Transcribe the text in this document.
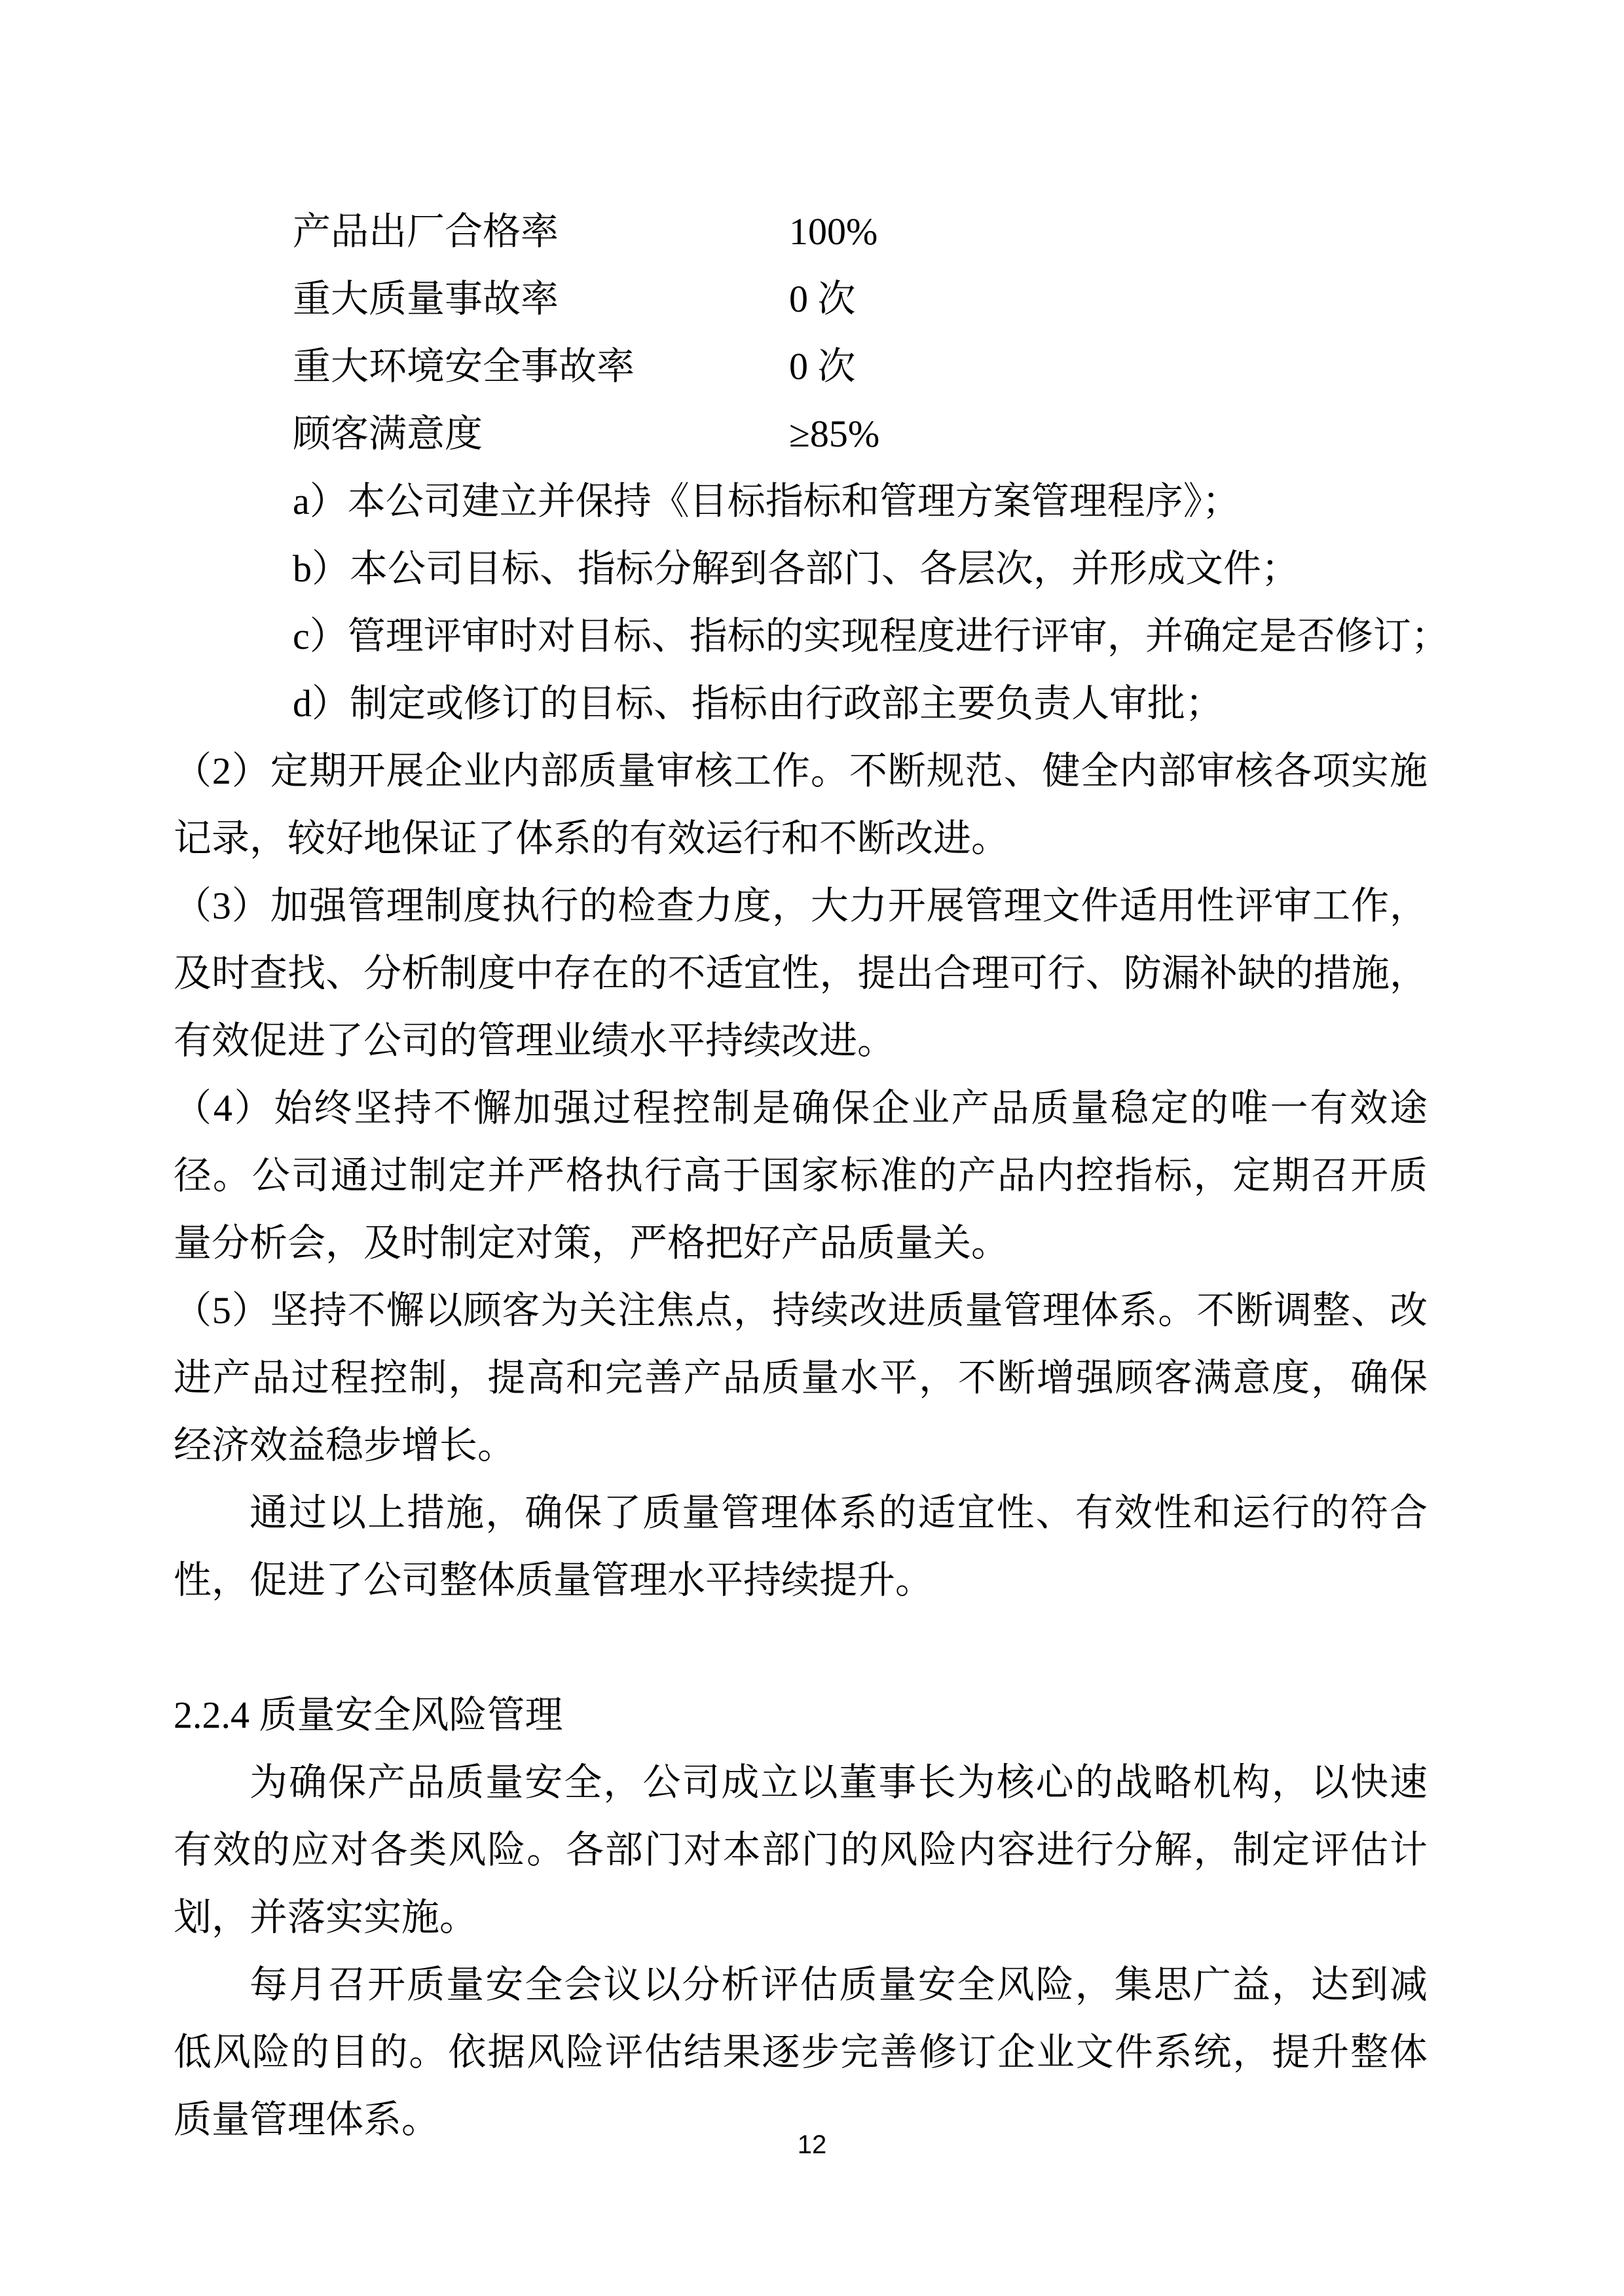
产品出厂合格率	100%
重大质量事故率	0 次
重大环境安全事故率	0 次
顾客满意度	≥85%
a）本公司建立并保持《目标指标和管理方案管理程序》；
b）本公司目标、指标分解到各部门、各层次，并形成文件；
c）管理评审时对目标、指标的实现程度进行评审，并确定是否修订；
d）制定或修订的目标、指标由行政部主要负责人审批；
（2）定期开展企业内部质量审核工作。不断规范、健全内部审核各项实施
记录，较好地保证了体系的有效运行和不断改进。
（3）加强管理制度执行的检查力度，大力开展管理文件适用性评审工作，
及时查找、分析制度中存在的不适宜性，提出合理可行、防漏补缺的措施，
有效促进了公司的管理业绩水平持续改进。
（4）始终坚持不懈加强过程控制是确保企业产品质量稳定的唯一有效途
径。公司通过制定并严格执行高于国家标准的产品内控指标，定期召开质
量分析会，及时制定对策，严格把好产品质量关。
（5）坚持不懈以顾客为关注焦点，持续改进质量管理体系。不断调整、改
进产品过程控制，提高和完善产品质量水平，不断增强顾客满意度，确保
经济效益稳步增长。
通过以上措施，确保了质量管理体系的适宜性、有效性和运行的符合
性，促进了公司整体质量管理水平持续提升。
2.2.4 质量安全风险管理
为确保产品质量安全，公司成立以董事长为核心的战略机构，以快速
有效的应对各类风险。各部门对本部门的风险内容进行分解，制定评估计
划，并落实实施。
每月召开质量安全会议以分析评估质量安全风险，集思广益，达到减
低风险的目的。依据风险评估结果逐步完善修订企业文件系统，提升整体
质量管理体系。
12
